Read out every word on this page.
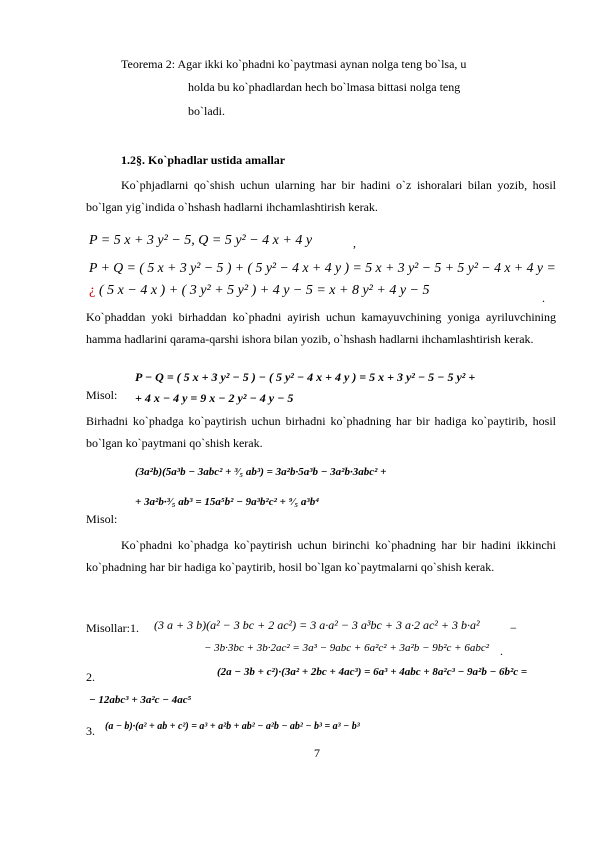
Teorema 2: Agar ikki ko`phadni ko`paytmasi aynan nolga teng bo`lsa, u
holda bu ko`phadlardan hech bo`lmasa bittasi nolga teng
bo`ladi.
1.2§. Ko`phadlar ustida amallar
Ko`phjadlarni qo`shish uchun ularning har bir hadini o`z ishoralari bilan yozib, hosil bo`lgan yig`indida o`hshash hadlarni ihchamlashtirish kerak.
P = 5 x + 3 y² − 5, Q = 5 y² − 4 x + 4 y	,
P + Q = ( 5 x + 3 y² − 5 ) + ( 5 y² − 4 x + 4 y ) = 5 x + 3 y² − 5 + 5 y² − 4 x + 4 y =
¿ ( 5 x − 4 x ) + ( 3 y² + 5 y² ) + 4 y − 5 = x + 8 y² + 4 y − 5	.
Ko`phaddan yoki birhaddan ko`phadni ayirish uchun kamayuvchining yoniga ayriluvchining hamma hadlarini qarama-qarshi ishora bilan yozib, o`hshash hadlarni ihchamlashtirish kerak.
P − Q = ( 5 x + 3 y² − 5 ) − ( 5 y² − 4 x + 4 y ) = 5 x + 3 y² − 5 − 5 y² +
Misol: + 4 x − 4 y = 9 x − 2 y² − 4 y − 5
Birhadni ko`phadga ko`paytirish uchun birhadni ko`phadning har bir hadiga ko`paytirib, hosil bo`lgan ko`paytmani qo`shish kerak.
(3a²b)(5a³b − 3abc² + ³⁄₅ ab³) = 3a²b·5a³b − 3a²b·3abc² +
+ 3a²b·³⁄₅ ab³ = 15a⁵b² − 9a³b²c² + ⁹⁄₅ a³b⁴
Misol:
Ko`phadni ko`phadga ko`paytirish uchun birinchi ko`phadning har bir hadini ikkinchi ko`phadning har bir hadiga ko`paytirib, hosil bo`lgan ko`paytmalarni qo`shish kerak.
Misollar:1. (3 a + 3 b)(a² − 3 bc + 2 ac²) = 3 a·a² − 3 a³bc + 3 a·2 ac² + 3 b·a²	−
− 3b·3bc + 3b·2ac² = 3a³ − 9abc + 6a²c² + 3a²b − 9b²c + 6abc² .
2.	(2a − 3b + c²)·(3a² + 2bc + 4ac³) = 6a³ + 4abc + 8a²c³ − 9a²b − 6b²c =
− 12abc³ + 3a²c − 4ac⁵
3. (a − b)·(a² + ab + c²) = a³ + a²b + ab² − a²b − ab² − b³ = a³ − b³
7
